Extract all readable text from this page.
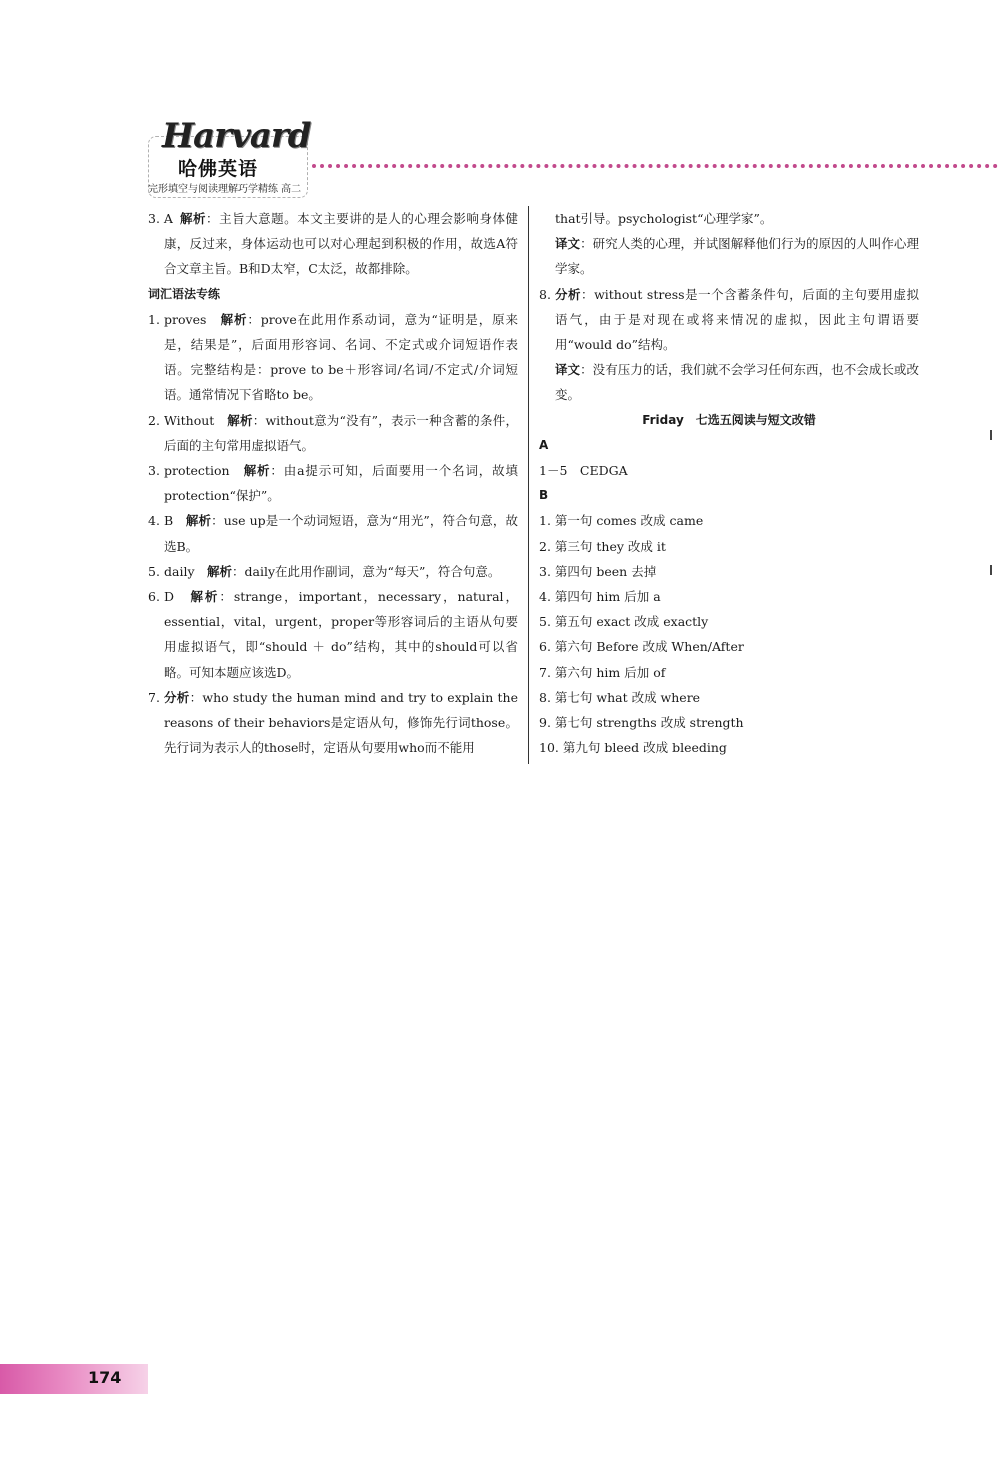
Harvard
哈佛英语
完形填空与阅读理解巧学精练 高二
3. A 解析：主旨大意题。本文主要讲的是人的心理会影响身体健康，反过来，身体运动也可以对心理起到积极的作用，故选A符合文章主旨。B和D太窄，C太泛，故都排除。
词汇语法专练
1. proves　 解析：prove在此用作系动词，意为“证明是，原来是，结果是”，后面用形容词、名词、不定式或介词短语作表语。完整结构是：prove to be＋形容词/名词/不定式/介词短语。通常情况下省略to be。
2. Without　 解析：without意为“没有”，表示一种含蓄的条件，后面的主句常用虚拟语气。
3. protection　 解析：由a提示可知，后面要用一个名词，故填protection“保护”。
4. B　 解析：use up是一个动词短语，意为“用光”，符合句意，故选B。
5. daily　 解析：daily在此用作副词，意为“每天”，符合句意。
6. D　 解析：strange，important，necessary，natural，essential，vital，urgent，proper等形容词后的主语从句要用虚拟语气，即“should ＋ do”结构，其中的should可以省略。可知本题应该选D。
7. 分析：who study the human mind and try to explain the reasons of their behaviors是定语从句，修饰先行词those。先行词为表示人的those时，定语从句要用who而不能用
that引导。psychologist“心理学家”。
译文：研究人类的心理，并试图解释他们行为的原因的人叫作心理学家。
8. 分析：without stress是一个含蓄条件句，后面的主句要用虚拟语气，由于是对现在或将来情况的虚拟，因此主句谓语要用“would do”结构。
译文：没有压力的话，我们就不会学习任何东西，也不会成长或改变。
Friday　七选五阅读与短文改错
A
1－5　CEDGA
B
1. 第一句 comes 改成 came
2. 第三句 they 改成 it
3. 第四句 been 去掉
4. 第四句 him 后加 a
5. 第五句 exact 改成 exactly
6. 第六句 Before 改成 When/After
7. 第六句 him 后加 of
8. 第七句 what 改成 where
9. 第七句 strengths 改成 strength
10. 第九句 bleed 改成 bleeding
174
